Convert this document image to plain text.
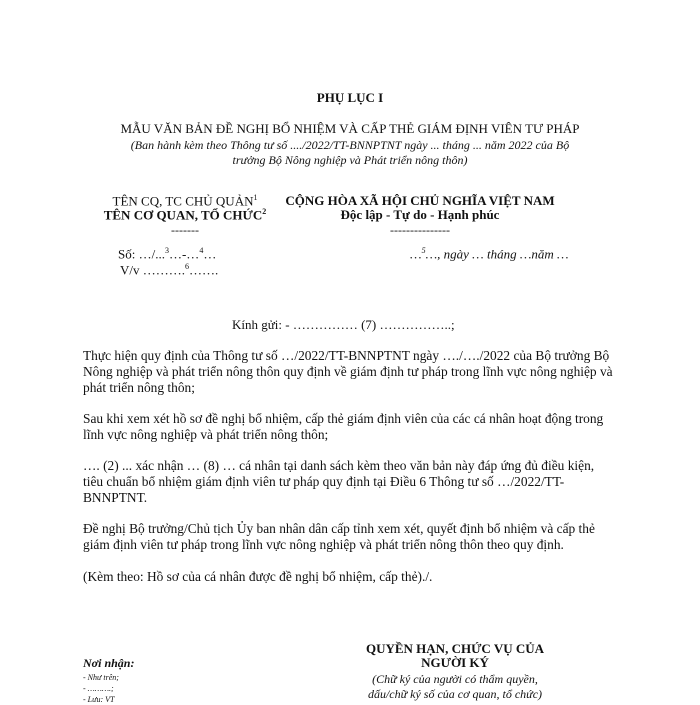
PHỤ LỤC I
MẪU VĂN BẢN ĐỀ NGHỊ BỔ NHIỆM VÀ CẤP THẺ GIÁM ĐỊNH VIÊN TƯ PHÁP
(Ban hành kèm theo Thông tư số ..../2022/TT-BNNPTNT ngày ... tháng ... năm 2022 của Bộ
trưởng Bộ Nông nghiệp và Phát triển nông thôn)
TÊN CQ, TC CHỦ QUẢN$^1$
TÊN CƠ QUAN, TỔ CHỨC$^2$
-------
Số: …/...$^3$…-…$^4$…
V/v ……….$^6$…….
CỘNG HÒA XÃ HỘI CHỦ NGHĨA VIỆT NAM
Độc lập - Tự do - Hạnh phúc
---------------
…$^5$…, ngày … tháng …năm …
Kính gửi: - …………… (7) ……………..;
Thực hiện quy định của Thông tư số …/2022/TT-BNNPTNT ngày …./…./2022 của Bộ trưởng Bộ Nông nghiệp và phát triển nông thôn quy định về giám định tư pháp trong lĩnh vực nông nghiệp và phát triển nông thôn;
Sau khi xem xét hồ sơ đề nghị bổ nhiệm, cấp thẻ giám định viên của các cá nhân hoạt động trong lĩnh vực nông nghiệp và phát triển nông thôn;
…. (2) ... xác nhận … (8) … cá nhân tại danh sách kèm theo văn bản này đáp ứng đủ điều kiện, tiêu chuẩn bổ nhiệm giám định viên tư pháp quy định tại Điều 6 Thông tư số …/2022/TT-BNNPTNT.
Đề nghị Bộ trưởng/Chủ tịch Ủy ban nhân dân cấp tỉnh xem xét, quyết định bổ nhiệm và cấp thẻ giám định viên tư pháp trong lĩnh vực nông nghiệp và phát triển nông thôn theo quy định.
(Kèm theo: Hồ sơ của cá nhân được đề nghị bổ nhiệm, cấp thẻ)./.
Nơi nhận:
- Như trên;
- ……….;
- Lưu: VT
QUYỀN HẠN, CHỨC VỤ CỦA
NGƯỜI KÝ
(Chữ ký của người có thẩm quyền,
dấu/chữ ký số của cơ quan, tổ chức)
